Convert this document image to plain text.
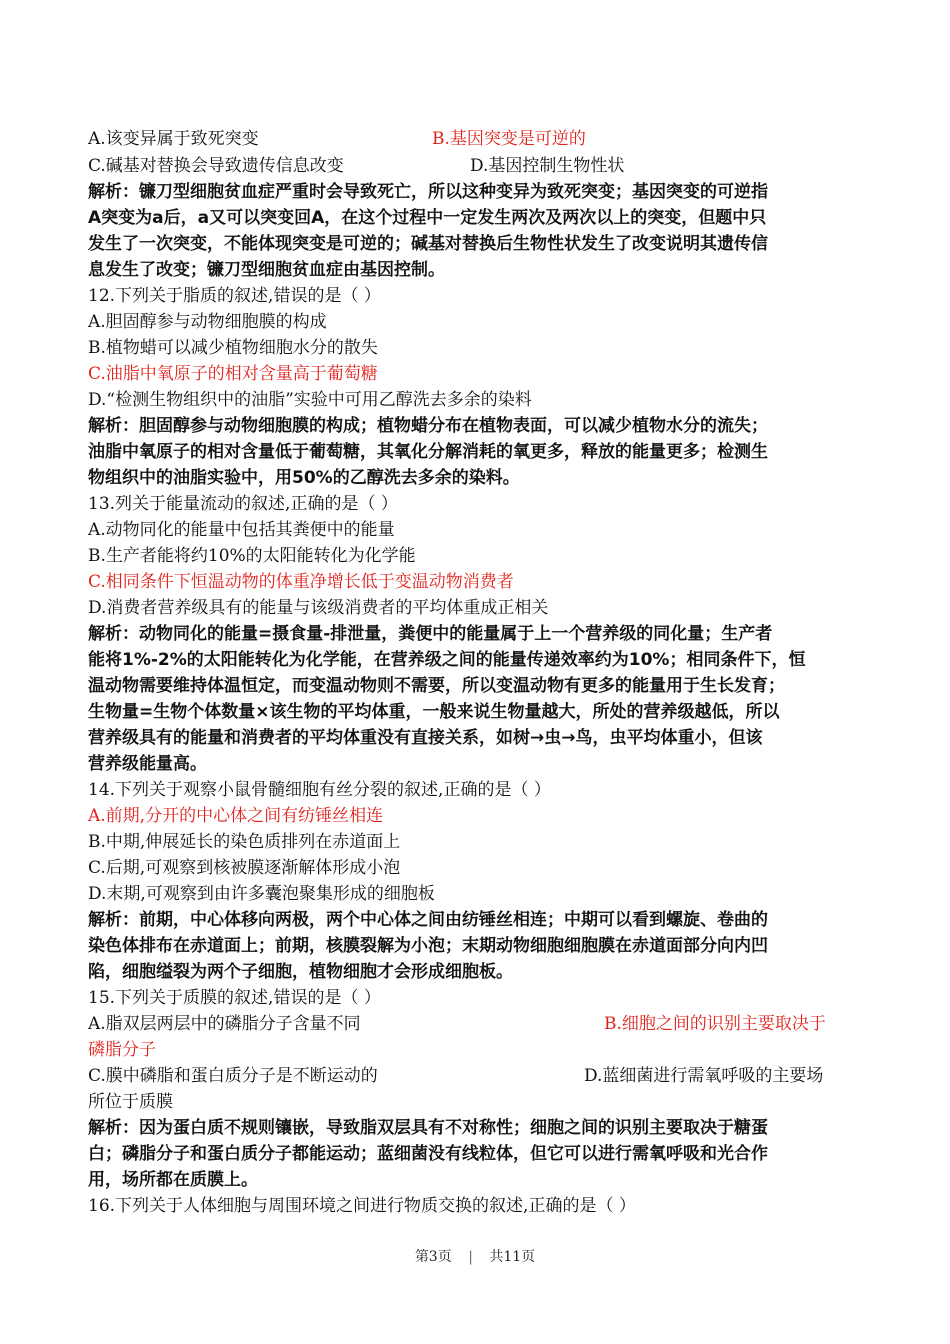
A.该变异属于致死突变	B.基因突变是可逆的
C.碱基对替换会导致遗传信息改变	D.基因控制生物性状
解析：镰刀型细胞贫血症严重时会导致死亡，所以这种变异为致死突变；基因突变的可逆指
A突变为a后，a又可以突变回A，在这个过程中一定发生两次及两次以上的突变，但题中只
发生了一次突变，不能体现突变是可逆的；碱基对替换后生物性状发生了改变说明其遗传信
息发生了改变；镰刀型细胞贫血症由基因控制。
12.下列关于脂质的叙述,错误的是（ ）
A.胆固醇参与动物细胞膜的构成
B.植物蜡可以减少植物细胞水分的散失
C.油脂中氧原子的相对含量高于葡萄糖
D.“检测生物组织中的油脂”实验中可用乙醇洗去多余的染料
解析：胆固醇参与动物细胞膜的构成；植物蜡分布在植物表面，可以减少植物水分的流失；
油脂中氧原子的相对含量低于葡萄糖，其氧化分解消耗的氧更多，释放的能量更多；检测生
物组织中的油脂实验中，用50%的乙醇洗去多余的染料。
13.列关于能量流动的叙述,正确的是（ ）
A.动物同化的能量中包括其粪便中的能量
B.生产者能将约10%的太阳能转化为化学能
C.相同条件下恒温动物的体重净增长低于变温动物消费者
D.消费者营养级具有的能量与该级消费者的平均体重成正相关
解析：动物同化的能量=摄食量-排泄量，粪便中的能量属于上一个营养级的同化量；生产者
能将1%-2%的太阳能转化为化学能，在营养级之间的能量传递效率约为10%；相同条件下，恒
温动物需要维持体温恒定，而变温动物则不需要，所以变温动物有更多的能量用于生长发育；
生物量=生物个体数量×该生物的平均体重，一般来说生物量越大，所处的营养级越低，所以
营养级具有的能量和消费者的平均体重没有直接关系，如树→虫→鸟，虫平均体重小，但该
营养级能量高。
14.下列关于观察小鼠骨髓细胞有丝分裂的叙述,正确的是（ ）
A.前期,分开的中心体之间有纺锤丝相连
B.中期,伸展延长的染色质排列在赤道面上
C.后期,可观察到核被膜逐渐解体形成小泡
D.末期,可观察到由许多囊泡聚集形成的细胞板
解析：前期，中心体移向两极，两个中心体之间由纺锤丝相连；中期可以看到螺旋、卷曲的
染色体排布在赤道面上；前期，核膜裂解为小泡；末期动物细胞细胞膜在赤道面部分向内凹
陷，细胞缢裂为两个子细胞，植物细胞才会形成细胞板。
15.下列关于质膜的叙述,错误的是（ ）
A.脂双层两层中的磷脂分子含量不同	B.细胞之间的识别主要取决于
磷脂分子
C.膜中磷脂和蛋白质分子是不断运动的	D.蓝细菌进行需氧呼吸的主要场
所位于质膜
解析：因为蛋白质不规则镶嵌，导致脂双层具有不对称性；细胞之间的识别主要取决于糖蛋
白；磷脂分子和蛋白质分子都能运动；蓝细菌没有线粒体，但它可以进行需氧呼吸和光合作
用，场所都在质膜上。
16.下列关于人体细胞与周围环境之间进行物质交换的叙述,正确的是（ ）
第3页 | 共11页
